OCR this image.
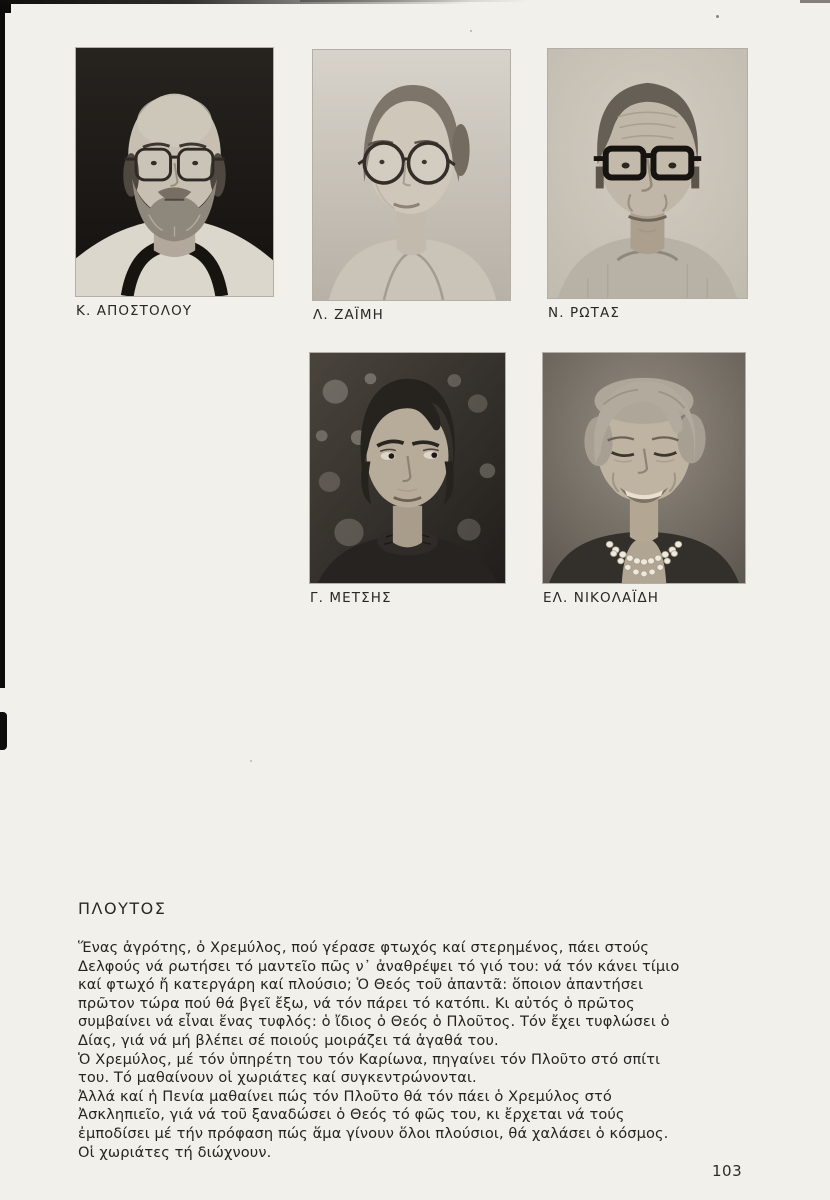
Κ. ΑΠΟΣΤΟΛΟΥ	Λ. ΖΑΪΜΗ	Ν. ΡΩΤΑΣ
Γ. ΜΕΤΣΗΣ	ΕΛ. ΝΙΚΟΛΑΪΔΗ
ΠΛΟΥΤΟΣ
Ἕνας ἀγρότης, ὁ Χρεμύλος, πού γέρασε φτωχός καί στερημένος, πάει στούς
Δελφούς νά ρωτήσει τό μαντεῖο πῶς ν᾿ ἀναθρέψει τό γιό του: νά τόν κάνει τίμιο
καί φτωχό ἤ κατεργάρη καί πλούσιο; Ὁ Θεός τοῦ ἀπαντᾶ: ὅποιον ἀπαντήσει
πρῶτον τώρα πού θά βγεῖ ἔξω, νά τόν πάρει τό κατόπι. Κι αὐτός ὁ πρῶτος
συμβαίνει νά εἶναι ἕνας τυφλός: ὁ ἴδιος ὁ Θεός ὁ Πλοῦτος. Τόν ἔχει τυφλώσει ὁ
Δίας, γιά νά μή βλέπει σέ ποιούς μοιράζει τά ἀγαθά του.
Ὁ Χρεμύλος, μέ τόν ὑπηρέτη του τόν Καρίωνα, πηγαίνει τόν Πλοῦτο στό σπίτι
του. Τό μαθαίνουν οἱ χωριάτες καί συγκεντρώνονται.
Ἀλλά καί ἡ Πενία μαθαίνει πώς τόν Πλοῦτο θά τόν πάει ὁ Χρεμύλος στό
Ἀσκληπιεῖο, γιά νά τοῦ ξαναδώσει ὁ Θεός τό φῶς του, κι ἔρχεται νά τούς
ἐμποδίσει μέ τήν πρόφαση πώς ἅμα γίνουν ὅλοι πλούσιοι, θά χαλάσει ὁ κόσμος.
Οἱ χωριάτες τή διώχνουν.
103
